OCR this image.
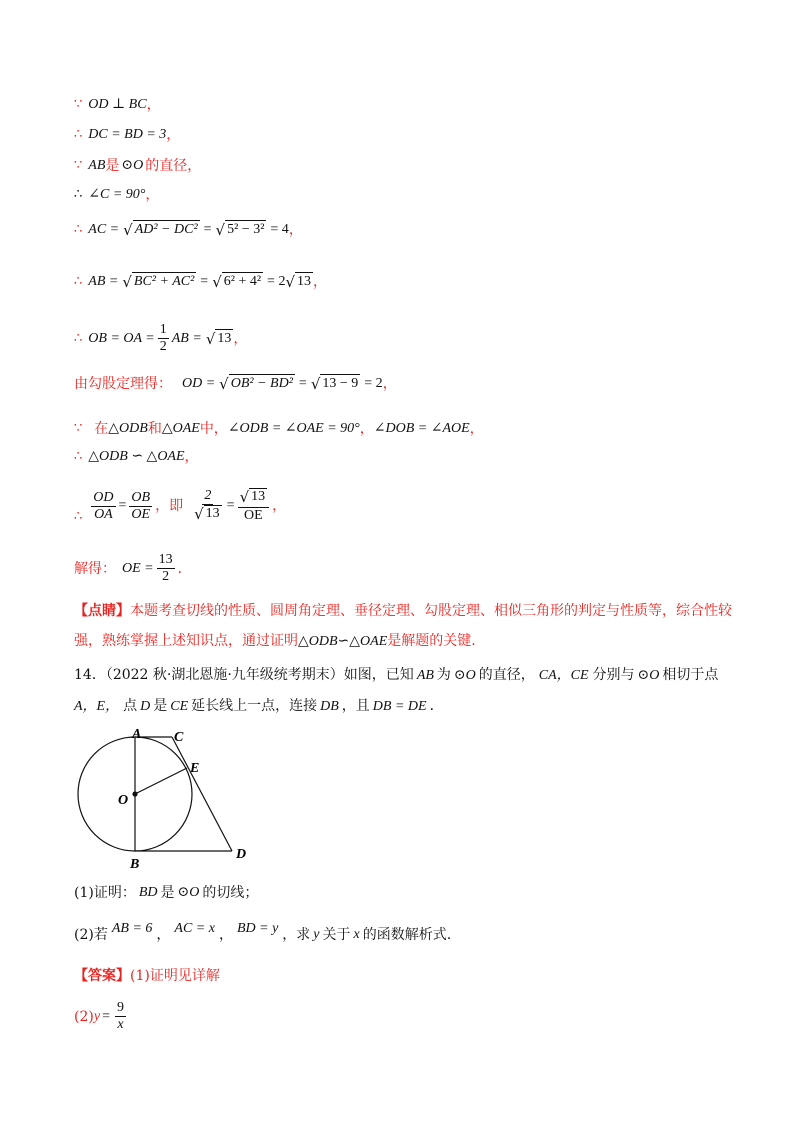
∵ OD ⊥ BC ，
∴ DC = BD = 3 ，
∵ AB 是 ⊙O 的直径，
∴ ∠C = 90° ，
∴ AC = √ AD² − DC² = √ 5² − 3² = 4 ，
∴ AB = √ BC² + AC² = √ 6² + 4² = 2 √ 13 ，
∴ OB = OA = $\frac{1}{2}$ AB = √ 13 ，
由勾股定理得： OD = √ OB² − BD² = √ 13 − 9 = 2 ，
∵ 在 △ODB 和 △OAE 中， ∠ODB = ∠OAE = 90° ， ∠DOB = ∠AOE ，
∴ △ODB ∽ △OAE ，
∴ $\frac{OD}{OA} = \frac{OB}{OE}$ ， 即 $\frac{2}{√ 13} = \frac{√ 13}{OE}$ ，
解得： OE = $\frac{13}{2}$ ．
【点睛】本题考查切线的性质、圆周角定理、垂径定理、勾股定理、相似三角形的判定与性质等，综合性较强，熟练掌握上述知识点，通过证明△ODB∽△OAE是解题的关键.
14．（2022 秋·湖北恩施·九年级统考期末）如图，已知 AB 为 ⊙O 的直径， CA，CE 分别与 ⊙O 相切于点
A，E， 点 D 是 CE 延长线上一点，连接 DB ，且 DB = DE ．
A C
E
O
B
D
(1)证明： BD 是 ⊙O 的切线；
(2)若 AB = 6 ， AC = x ， BD = y ，求 y 关于 x 的函数解析式.
【答案】 (1)证明见详解
(2) $y = \frac{9}{x}$
